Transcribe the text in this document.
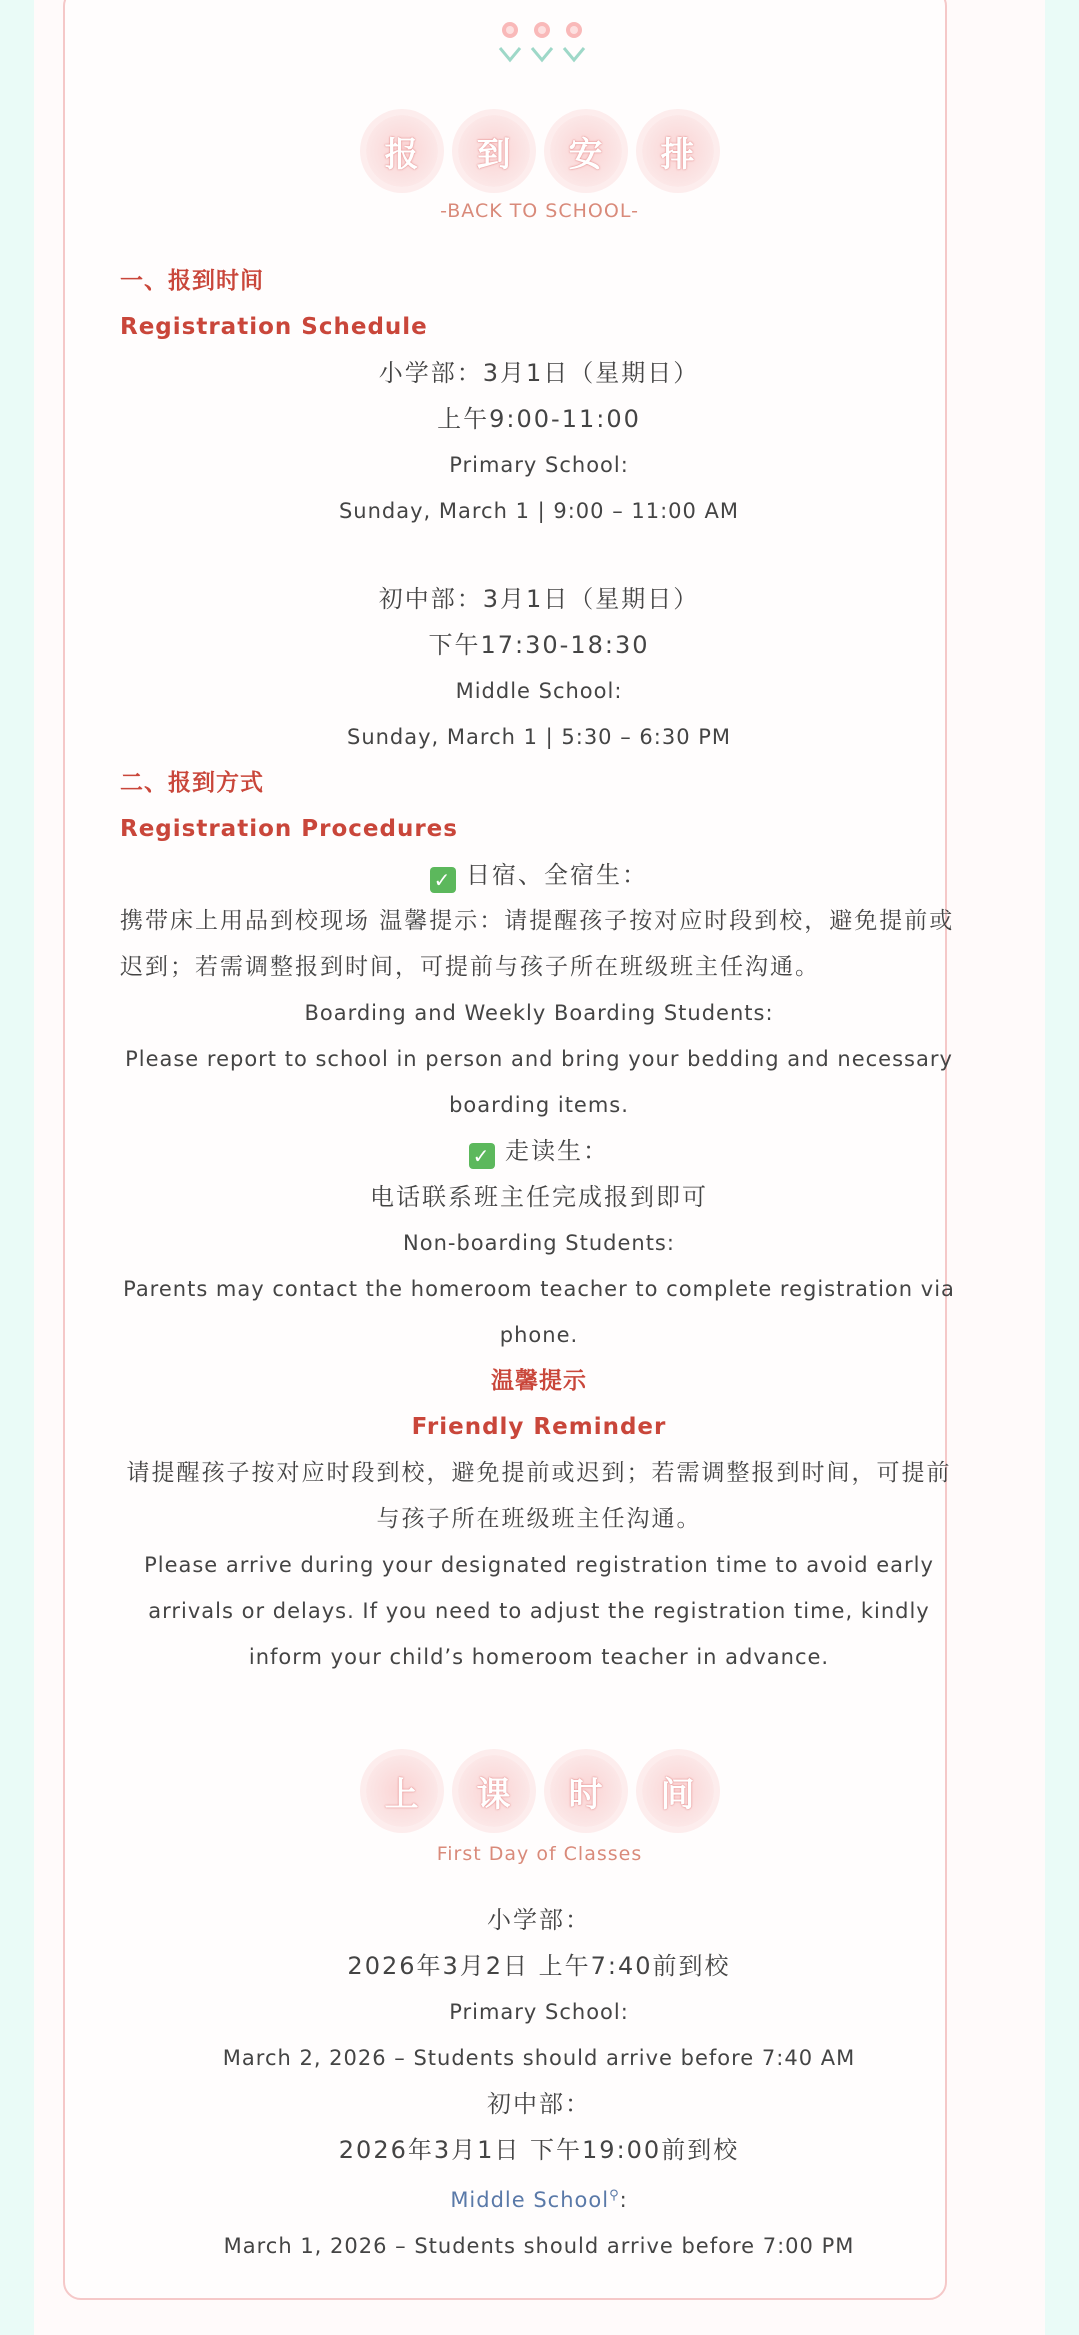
报	到	安	排
-BACK TO SCHOOL-

一、报到时间

Registration Schedule

小学部：3月1日（星期日）

上午9:00-11:00

Primary School:

Sunday, March 1 | 9:00 – 11:00 AM

初中部：3月1日（星期日）

下午17:30-18:30

Middle School:

Sunday, March 1 | 5:30 – 6:30 PM

二、报到方式

Registration Procedures

✓ 日宿、全宿生：

携带床上用品到校现场 温馨提示：请提醒孩子按对应时段到校，避免提前或迟到；若需调整报到时间，可提前与孩子所在班级班主任沟通。

Boarding and Weekly Boarding Students:

Please report to school in person and bring your bedding and necessary boarding items.

✓ 走读生：

电话联系班主任完成报到即可

Non-boarding Students:

Parents may contact the homeroom teacher to complete registration via phone.

温馨提示

Friendly Reminder

请提醒孩子按对应时段到校，避免提前或迟到；若需调整报到时间，可提前与孩子所在班级班主任沟通。

Please arrive during your designated registration time to avoid early arrivals or delays. If you need to adjust the registration time, kindly inform your child’s homeroom teacher in advance.

上	课	时	间
First Day of Classes

小学部：

2026年3月2日 上午7:40前到校

Primary School:

March 2, 2026 – Students should arrive before 7:40 AM

初中部：

2026年3月1日 下午19:00前到校

Middle School⚲:

March 1, 2026 – Students should arrive before 7:00 PM
